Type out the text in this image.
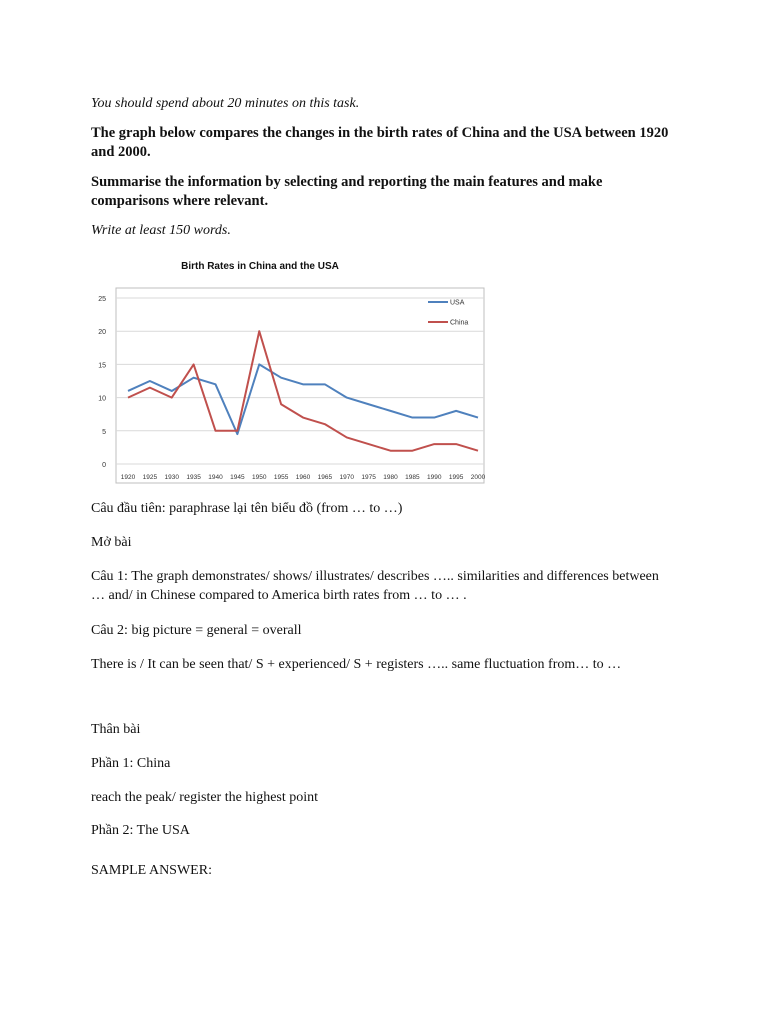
You should spend about 20 minutes on this task.

The graph below compares the changes in the birth rates of China and the USA between 1920 and 2000.

Summarise the information by selecting and reporting the main features and make comparisons where relevant.

Write at least 150 words.

Birth Rates in China and the USA
0
5
10
15
20
25
1920 1925 1930 1935 1940 1945 1950 1955 1960 1965 1970 1975 1980 1985 1990 1995 2000
USA
China

Câu đầu tiên: paraphrase lại tên biểu đồ (from … to …)

Mở bài

Câu 1: The graph demonstrates/ shows/ illustrates/ describes ….. similarities and differences between … and/ in Chinese compared to America birth rates from … to … .

Câu 2: big picture = general = overall

There is / It can be seen that/ S + experienced/ S + registers ….. same fluctuation from… to …

Thân bài

Phần 1: China

reach the peak/ register the highest point

Phần 2: The USA

SAMPLE ANSWER:
